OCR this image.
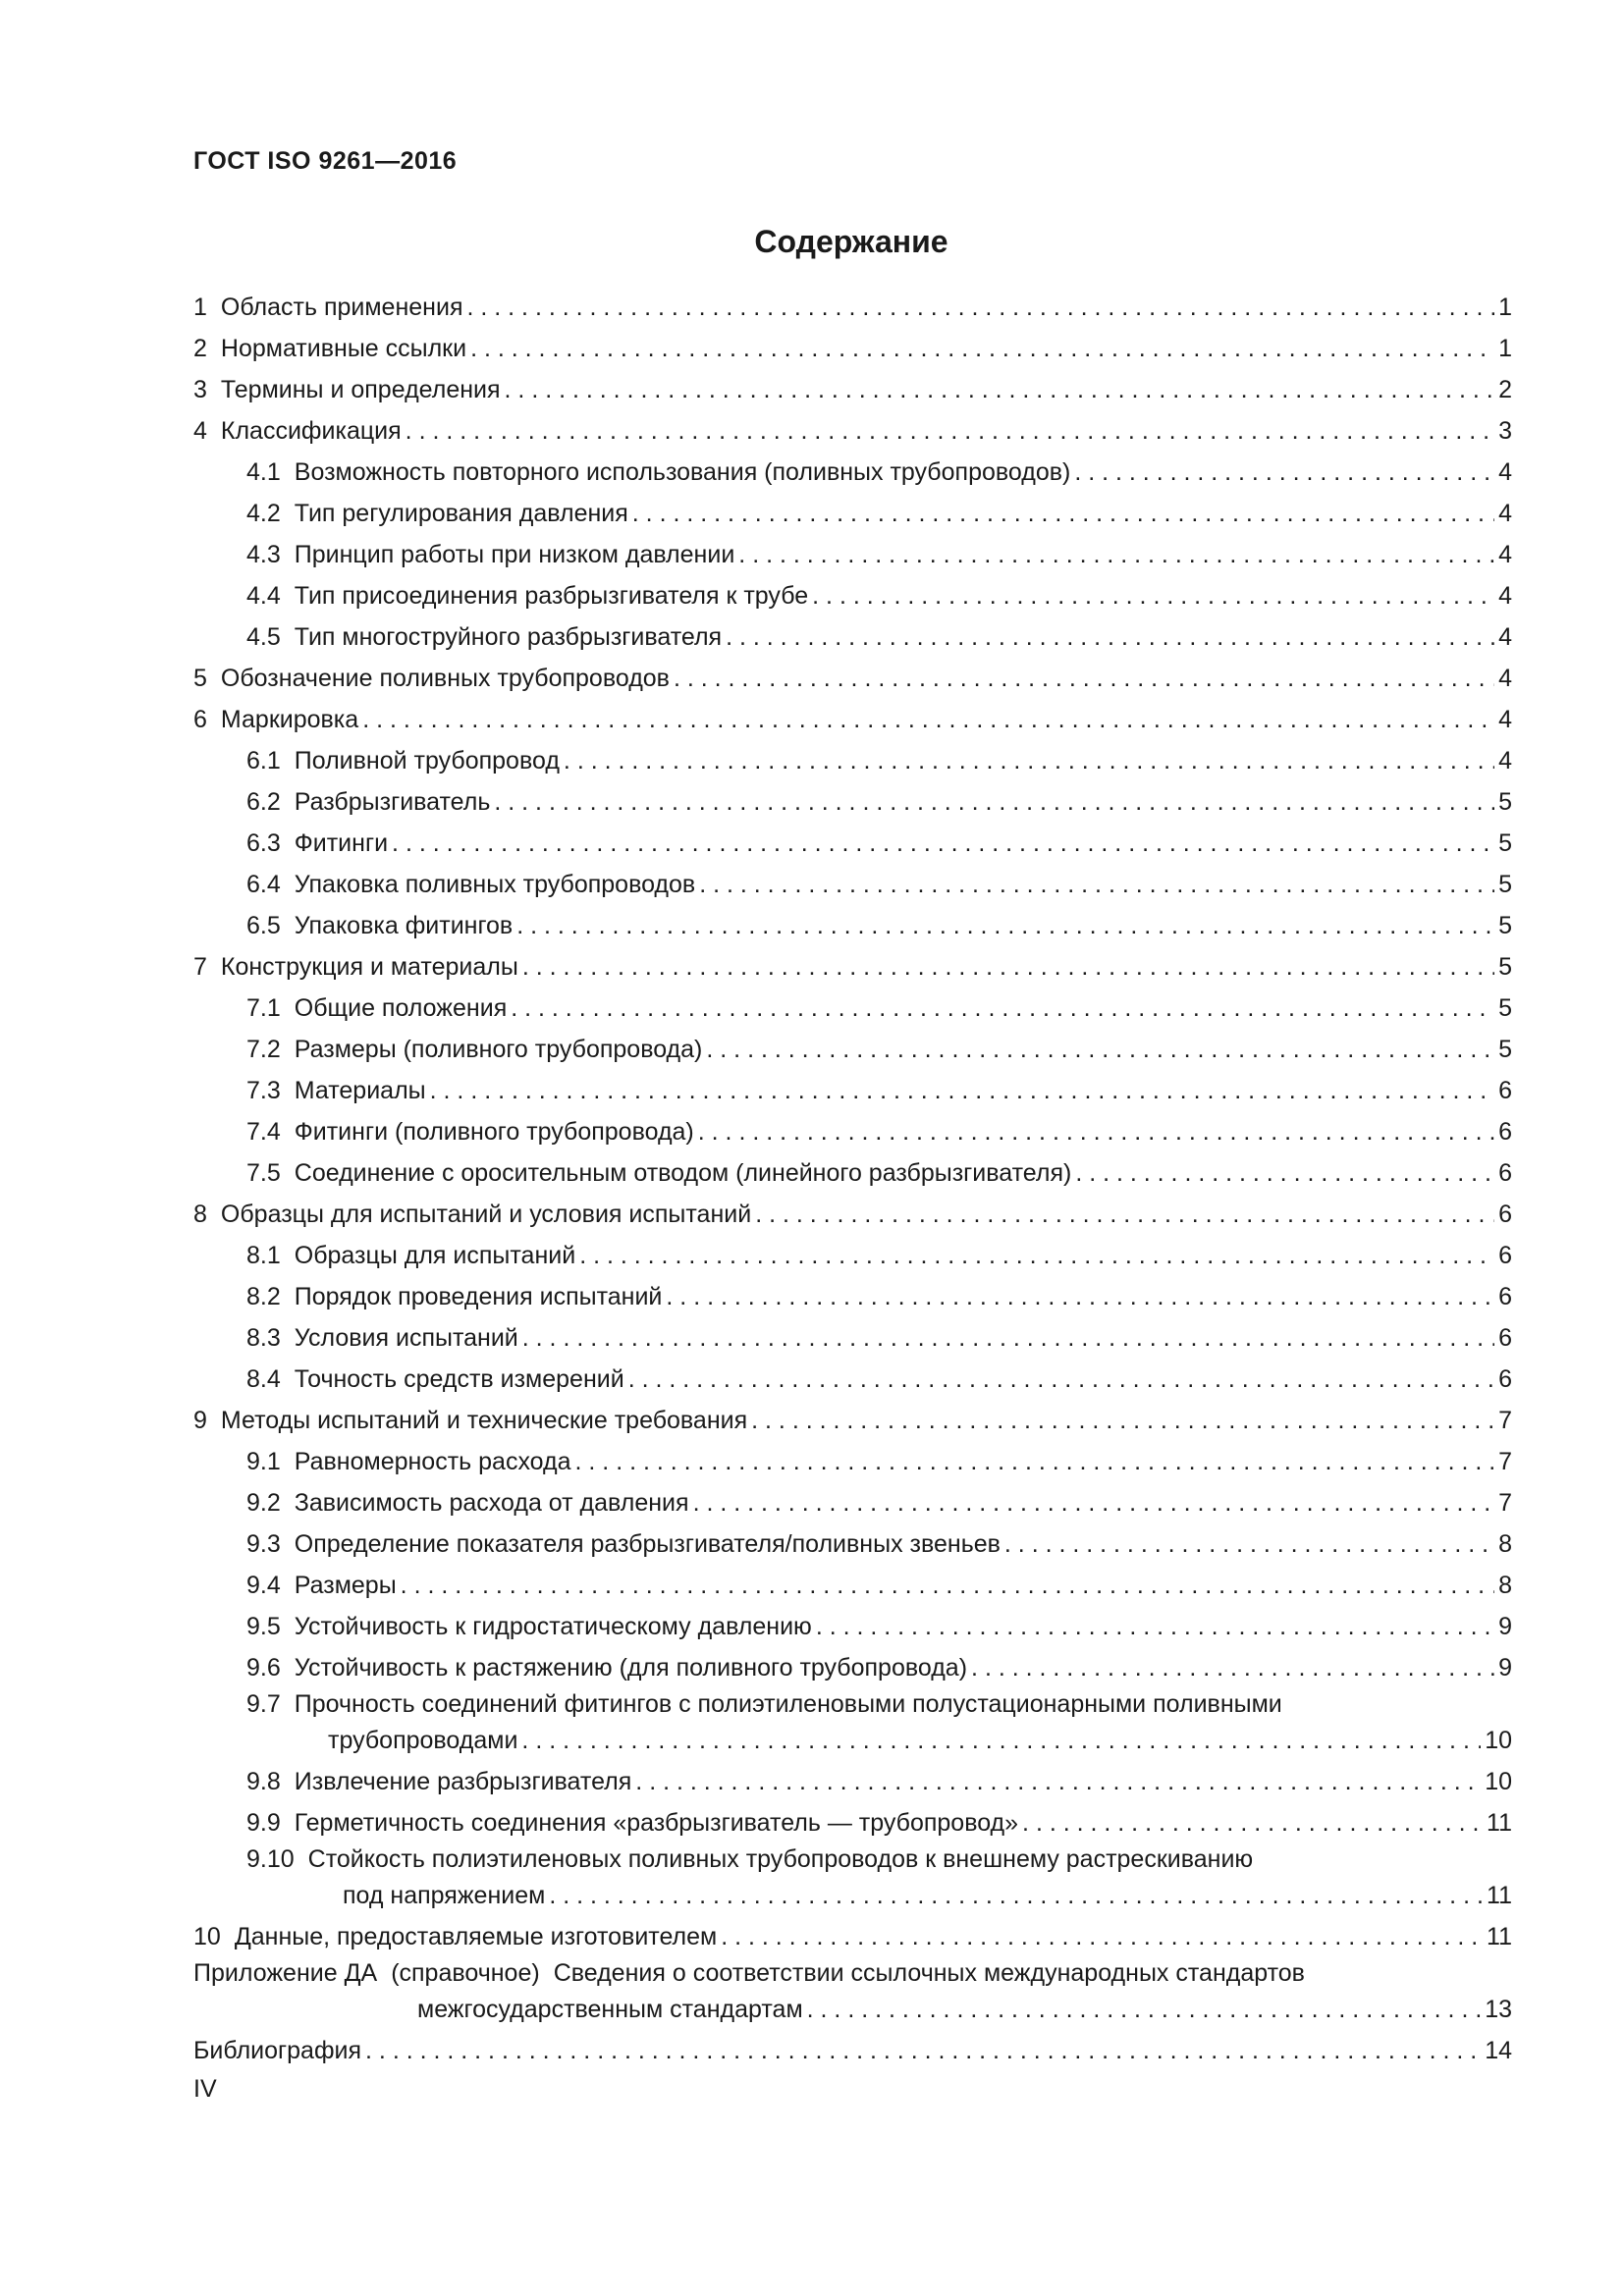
ГОСТ ISO 9261—2016
Содержание
1 Область применения . . .	1
2 Нормативные ссылки . . .	1
3 Термины и определения . . .	2
4 Классификация . . .	3
4.1 Возможность повторного использования (поливных трубопроводов) . . .	4
4.2 Тип регулирования давления . . .	4
4.3 Принцип работы при низком давлении . . .	4
4.4 Тип присоединения разбрызгивателя к трубе . . .	4
4.5 Тип многоструйного разбрызгивателя . . .	4
5 Обозначение поливных трубопроводов . . .	4
6 Маркировка . . .	4
6.1 Поливной трубопровод . . .	4
6.2 Разбрызгиватель . . .	5
6.3 Фитинги . . .	5
6.4 Упаковка поливных трубопроводов . . .	5
6.5 Упаковка фитингов . . .	5
7 Конструкция и материалы . . .	5
7.1 Общие положения . . .	5
7.2 Размеры (поливного трубопровода) . . .	5
7.3 Материалы . . .	6
7.4 Фитинги (поливного трубопровода) . . .	6
7.5 Соединение с оросительным отводом (линейного разбрызгивателя) . . .	6
8 Образцы для испытаний и условия испытаний . . .	6
8.1 Образцы для испытаний . . .	6
8.2 Порядок проведения испытаний . . .	6
8.3 Условия испытаний . . .	6
8.4 Точность средств измерений . . .	6
9 Методы испытаний и технические требования . . .	7
9.1 Равномерность расхода . . .	7
9.2 Зависимость расхода от давления . . .	7
9.3 Определение показателя разбрызгивателя/поливных звеньев . . .	8
9.4 Размеры . . .	8
9.5 Устойчивость к гидростатическому давлению . . .	9
9.6 Устойчивость к растяжению (для поливного трубопровода) . . .	9
9.7 Прочность соединений фитингов с полиэтиленовыми полустационарными поливными
трубопроводами . . .	10
9.8 Извлечение разбрызгивателя . . .	10
9.9 Герметичность соединения «разбрызгиватель — трубопровод» . . .	11
9.10 Стойкость полиэтиленовых поливных трубопроводов к внешнему растрескиванию
под напряжением . . .	11
10 Данные, предоставляемые изготовителем . . .	11
Приложение ДА (справочное) Сведения о соответствии ссылочных международных стандартов
межгосударственным стандартам . . .	13
Библиография . . .	14
IV
